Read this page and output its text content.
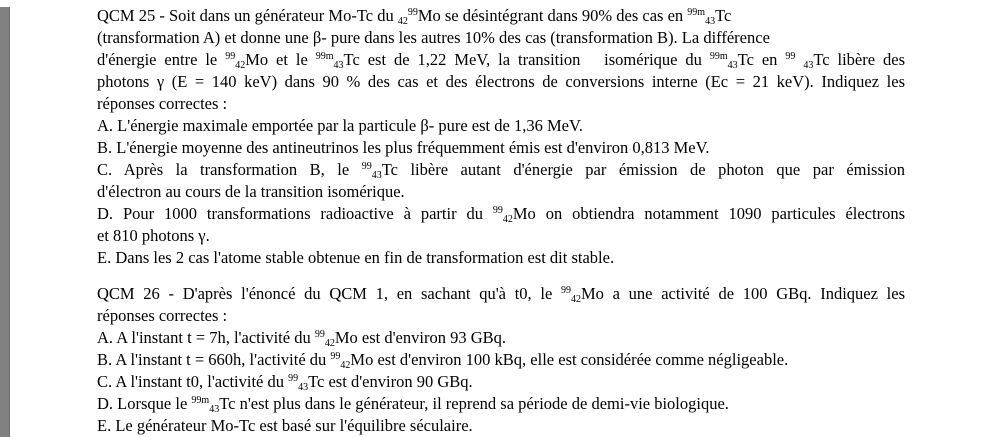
QCM 25 - Soit dans un générateur Mo-Tc du $42^{99}Mo$ se désintégrant dans 90% des cas en $^{99m}$43Tc
(transformation A) et donne une β- pure dans les autres 10% des cas (transformation B). La différence
d'énergie entre le $^{99}$42Mo et le $^{99m}$43Tc est de 1,22 MeV, la transition   isomérique du $^{99m}$43Tc en $^{99}$ 43Tc libère des
photons γ (E = 140 keV) dans 90 % des cas et des électrons de conversions interne (Ec = 21 keV). Indiquez les
réponses correctes :
A. L'énergie maximale emportée par la particule β- pure est de 1,36 MeV.
B. L'énergie moyenne des antineutrinos les plus fréquemment émis est d'environ 0,813 MeV.
C. Après la transformation B, le $^{99}$43Tc libère autant d'énergie par émission de photon que par émission
d'électron au cours de la transition isomérique.
D. Pour 1000 transformations radioactive à partir du $^{99}$42Mo on obtiendra notamment 1090 particules électrons
et 810 photons γ.
E. Dans les 2 cas l'atome stable obtenue en fin de transformation est dit stable.
QCM 26 - D'après l'énoncé du QCM 1, en sachant qu'à t0, le $^{99}$42Mo a une activité de 100 GBq. Indiquez les
réponses correctes :
A. A l'instant t = 7h, l'activité du $^{99}$42Mo est d'environ 93 GBq.
B. A l'instant t = 660h, l'activité du $^{99}$42Mo est d'environ 100 kBq, elle est considérée comme négligeable.
C. A l'instant t0, l'activité du $^{99}$43Tc est d'environ 90 GBq.
D. Lorsque le $^{99m}$43Tc n'est plus dans le générateur, il reprend sa période de demi-vie biologique.
E. Le générateur Mo-Tc est basé sur l'équilibre séculaire.
